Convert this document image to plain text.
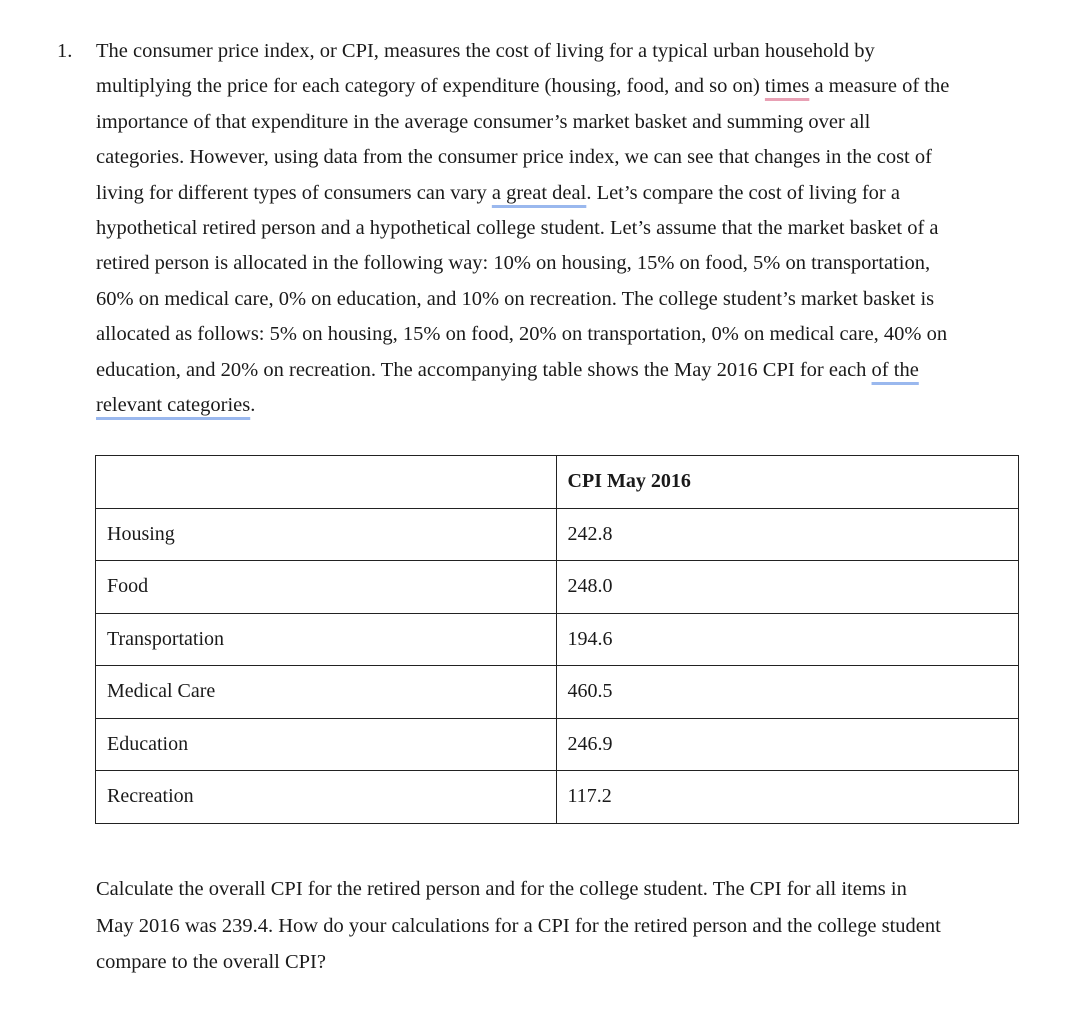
1. The consumer price index, or CPI, measures the cost of living for a typical urban household by
multiplying the price for each category of expenditure (housing, food, and so on) times a measure of the
importance of that expenditure in the average consumer’s market basket and summing over all
categories. However, using data from the consumer price index, we can see that changes in the cost of
living for different types of consumers can vary a great deal. Let’s compare the cost of living for a
hypothetical retired person and a hypothetical college student. Let’s assume that the market basket of a
retired person is allocated in the following way: 10% on housing, 15% on food, 5% on transportation,
60% on medical care, 0% on education, and 10% on recreation. The college student’s market basket is
allocated as follows: 5% on housing, 15% on food, 20% on transportation, 0% on medical care, 40% on
education, and 20% on recreation. The accompanying table shows the May 2016 CPI for each of the
relevant categories.
	CPI May 2016
Housing	242.8
Food	248.0
Transportation	194.6
Medical Care	460.5
Education	246.9
Recreation	117.2
Calculate the overall CPI for the retired person and for the college student. The CPI for all items in
May 2016 was 239.4. How do your calculations for a CPI for the retired person and the college student
compare to the overall CPI?
